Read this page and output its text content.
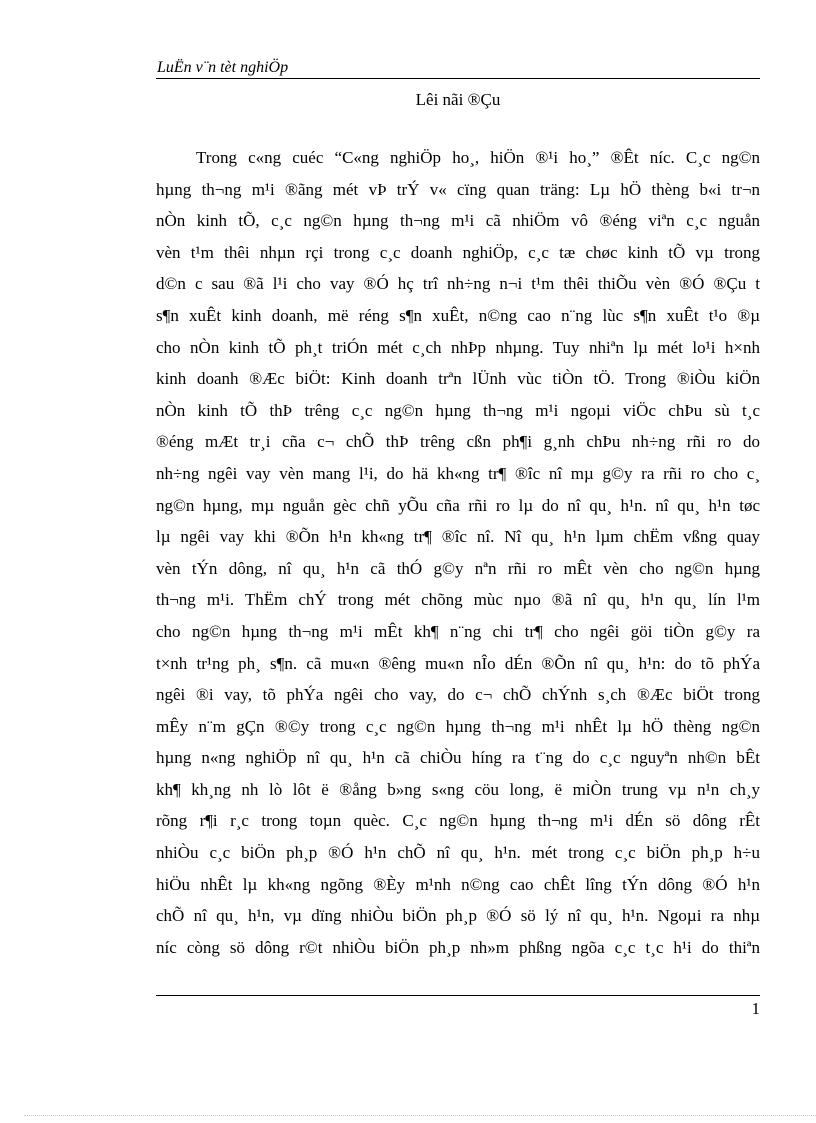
LuËn v¨n tèt nghiÖp
Lêi nãi ®Çu
Trong c«ng cuéc “C«ng nghiÖp ho¸, hiÖn ®¹i ho¸” ®Êt níc. C¸c ng©n
hµng th¬ng m¹i ®ãng mét vÞ trÝ v« cïng quan träng: Lµ hÖ thèng b«i tr¬n
nÒn kinh tÕ, c¸c ng©n hµng th¬ng m¹i cã nhiÖm vô ®éng viªn c¸c nguån
vèn t¹m thêi nhµn rçi trong c¸c doanh nghiÖp, c¸c tæ chøc kinh tÕ vµ trong
d©n c sau ®ã l¹i cho vay ®Ó hç trî nh÷ng n¬i t¹m thêi thiÕu vèn ®Ó ®Çu t
s¶n xuÊt kinh doanh, më réng s¶n xuÊt, n©ng cao n¨ng lùc s¶n xuÊt t¹o ®µ
cho nÒn kinh tÕ ph¸t triÓn mét c¸ch nhÞp nhµng. Tuy nhiªn lµ mét lo¹i h×nh
kinh doanh ®Æc biÖt: Kinh doanh trªn lÜnh vùc tiÒn tÖ. Trong ®iÒu kiÖn
nÒn kinh tÕ thÞ trêng c¸c ng©n hµng th¬ng m¹i ngoµi viÖc chÞu sù t¸c
®éng mÆt tr¸i cña c¬ chÕ thÞ trêng cßn ph¶i g¸nh chÞu nh÷ng rñi ro do
nh÷ng ngêi vay vèn mang l¹i, do hä kh«ng tr¶ ®îc nî mµ g©y ra rñi ro cho c¸
ng©n hµng, mµ nguån gèc chñ yÕu cña rñi ro lµ do nî qu¸ h¹n. nî qu¸ h¹n tøc
lµ ngêi vay khi ®Õn h¹n kh«ng tr¶ ®îc nî. Nî qu¸ h¹n lµm chËm vßng quay
vèn tÝn dông, nî qu¸ h¹n cã thÓ g©y nªn rñi ro mÊt vèn cho ng©n hµng
th¬ng m¹i. ThËm chÝ trong mét chõng mùc nµo ®ã nî qu¸ h¹n qu¸ lín l¹m
cho ng©n hµng th¬ng m¹i mÊt kh¶ n¨ng chi tr¶ cho ngêi göi tiÒn g©y ra
t×nh tr¹ng ph¸ s¶n. cã mu«n ®êng mu«n nÎo dÉn ®Õn nî qu¸ h¹n: do tõ phÝa
ngêi ®i vay, tõ phÝa ngêi cho vay, do c¬ chÕ chÝnh s¸ch ®Æc biÖt trong
mÊy n¨m gÇn ®©y trong c¸c ng©n hµng th¬ng m¹i nhÊt lµ hÖ thèng ng©n
hµng n«ng nghiÖp nî qu¸ h¹n cã chiÒu híng ra t¨ng do c¸c nguyªn nh©n bÊt
kh¶ kh¸ng nh lò lôt ë ®ång b»ng s«ng cöu long, ë miÒn trung vµ n¹n ch¸y
rõng r¶i r¸c trong toµn quèc. C¸c ng©n hµng th¬ng m¹i dÉn sö dông rÊt
nhiÒu c¸c biÖn ph¸p ®Ó h¹n chÕ nî qu¸ h¹n. mét trong c¸c biÖn ph¸p h÷u
hiÖu nhÊt lµ kh«ng ngõng ®Èy m¹nh n©ng cao chÊt lîng tÝn dông ®Ó h¹n
chÕ nî qu¸ h¹n, vµ dïng nhiÒu biÖn ph¸p ®Ó sö lý nî qu¸ h¹n. Ngoµi ra nhµ
níc còng sö dông r©t nhiÒu biÖn ph¸p nh»m phßng ngõa c¸c t¸c h¹i do thiªn
1
